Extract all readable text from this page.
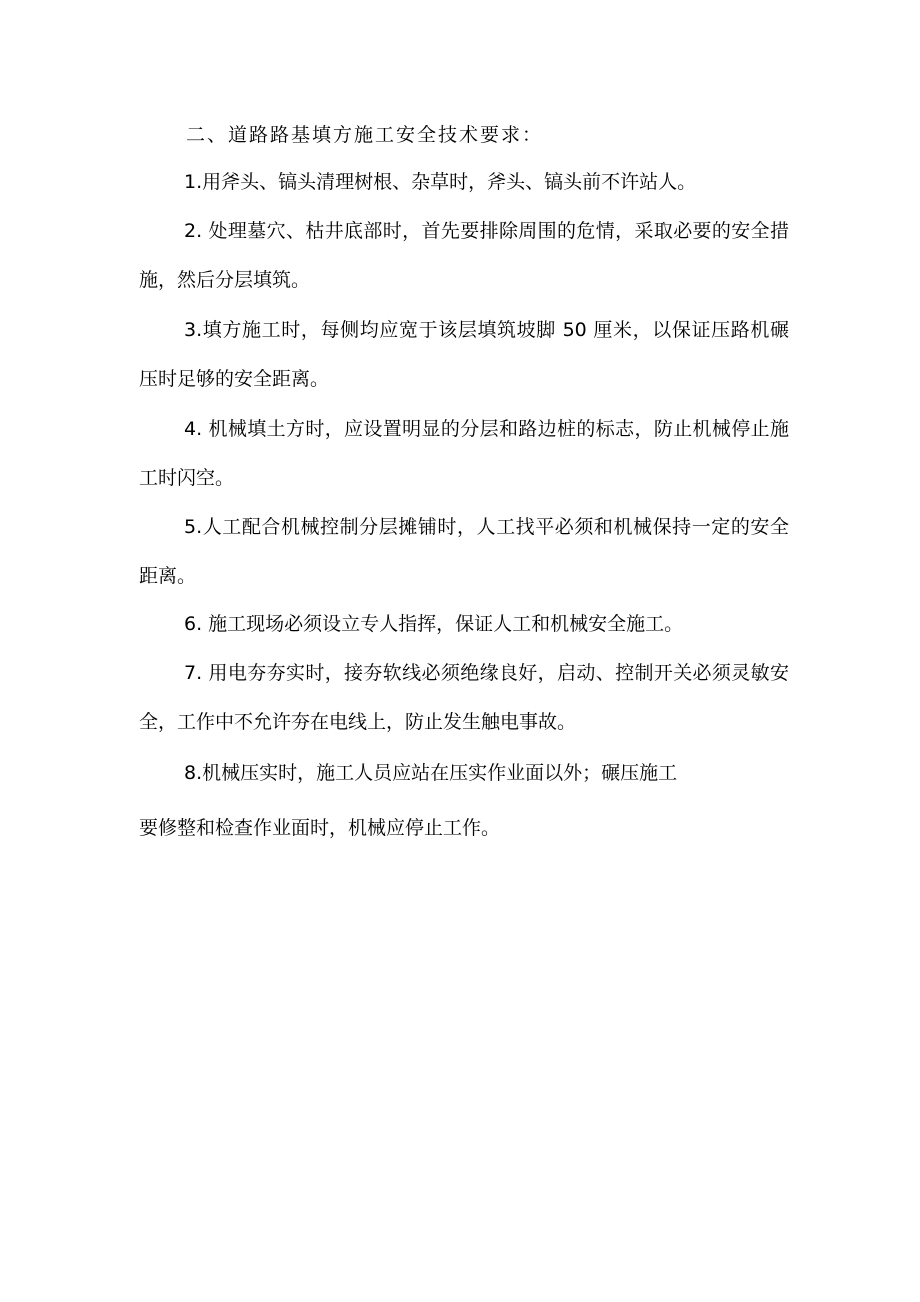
二、道路路基填方施工安全技术要求：
1.用斧头、镐头清理树根、杂草时，斧头、镐头前不许站人。
2. 处理墓穴、枯井底部时，首先要排除周围的危情，采取必要的安全措施，然后分层填筑。
3.填方施工时，每侧均应宽于该层填筑坡脚 50 厘米，以保证压路机碾压时足够的安全距离。
4. 机械填土方时，应设置明显的分层和路边桩的标志，防止机械停止施工时闪空。
5.人工配合机械控制分层摊铺时，人工找平必须和机械保持一定的安全距离。
6. 施工现场必须设立专人指挥，保证人工和机械安全施工。
7. 用电夯夯实时，接夯软线必须绝缘良好，启动、控制开关必须灵敏安全，工作中不允许夯在电线上，防止发生触电事故。
8.机械压实时，施工人员应站在压实作业面以外；碾压施工
要修整和检查作业面时，机械应停止工作。
